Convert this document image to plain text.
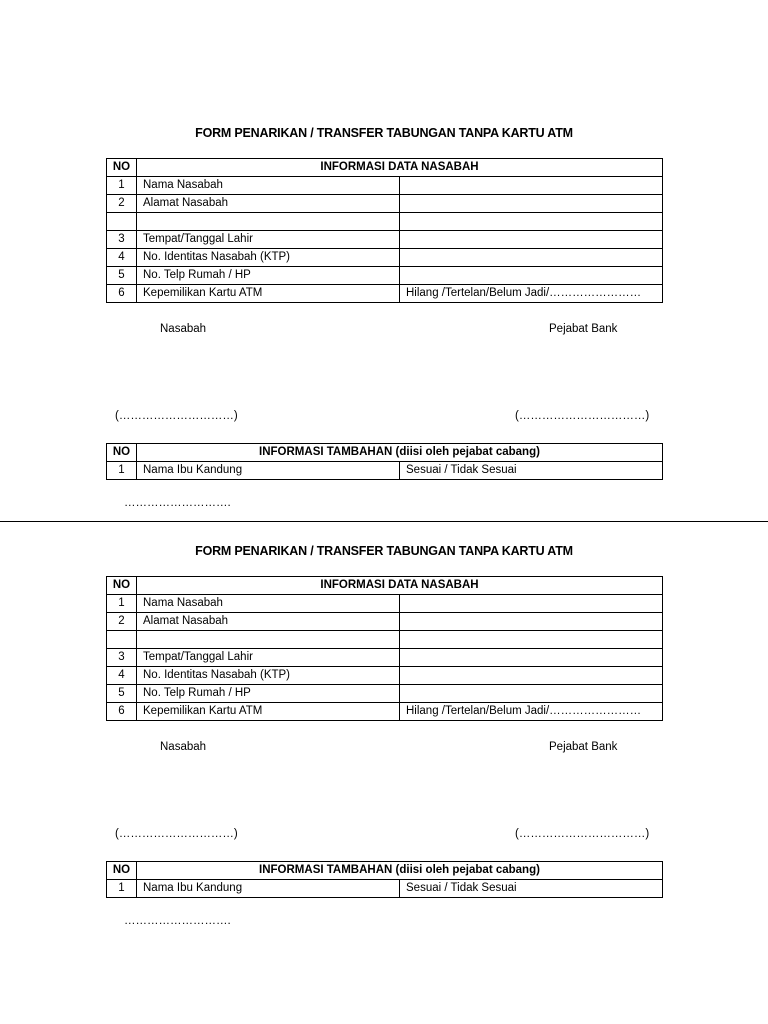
FORM PENARIKAN / TRANSFER TABUNGAN TANPA KARTU ATM
NO	INFORMASI DATA NASABAH	
1	Nama Nasabah	
2	Alamat Nasabah	

3	Tempat/Tanggal Lahir	
4	No. Identitas Nasabah (KTP)	
5	No. Telp Rumah / HP	
6	Kepemilikan Kartu ATM	Hilang /Tertelan/Belum Jadi/……………………
Nasabah	Pejabat Bank
(…………………………)	(……………………………)
NO	INFORMASI TAMBAHAN (diisi oleh pejabat cabang)	
1	Nama Ibu Kandung	Sesuai / Tidak Sesuai
……………………….
FORM PENARIKAN / TRANSFER TABUNGAN TANPA KARTU ATM
NO	INFORMASI DATA NASABAH	
1	Nama Nasabah	
2	Alamat Nasabah	

3	Tempat/Tanggal Lahir	
4	No. Identitas Nasabah (KTP)	
5	No. Telp Rumah / HP	
6	Kepemilikan Kartu ATM	Hilang /Tertelan/Belum Jadi/……………………
Nasabah	Pejabat Bank
(…………………………)	(……………………………)
NO	INFORMASI TAMBAHAN (diisi oleh pejabat cabang)	
1	Nama Ibu Kandung	Sesuai / Tidak Sesuai
……………………….
